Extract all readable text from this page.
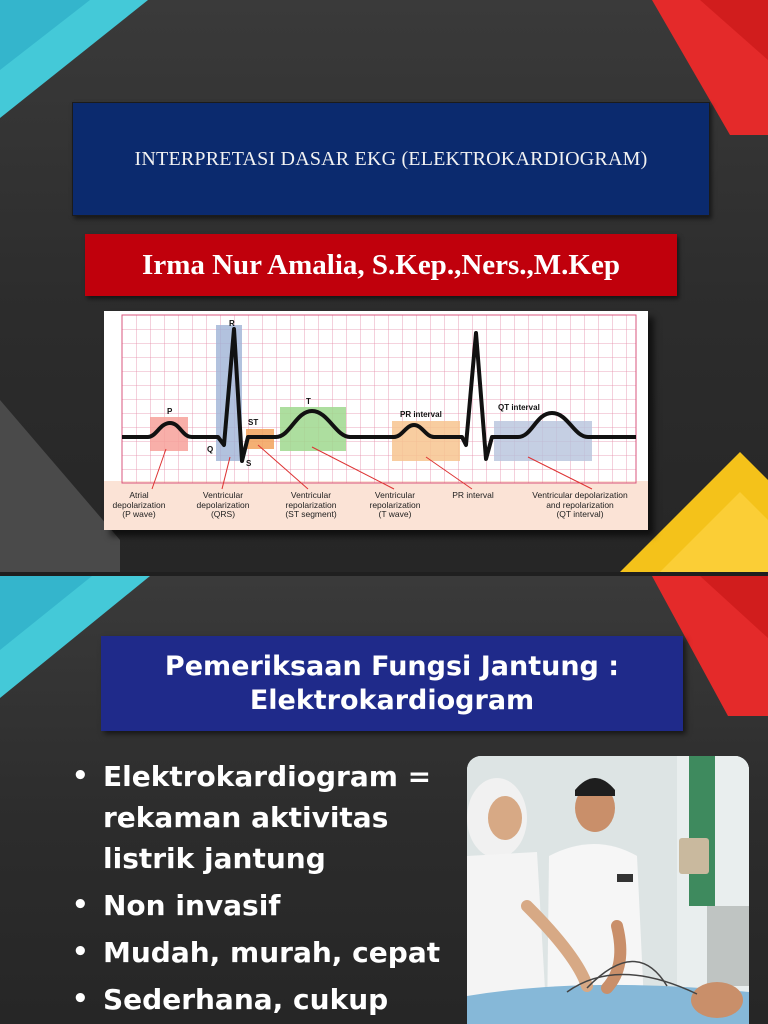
INTERPRETASI DASAR EKG (ELEKTROKARDIOGRAM)
Irma Nur Amalia, S.Kep.,Ners.,M.Kep
P
R
Q
S
ST
T
PR interval
QT interval
Atrial
depolarization
(P wave)
Ventricular
depolarization
(QRS)
Ventricular
repolarization
(ST segment)
Ventricular
repolarization
(T wave)
PR interval	Ventricular depolarization
and repolarization
(QT interval)
Pemeriksaan Fungsi Jantung :
Elektrokardiogram
• Elektrokardiogram = rekaman aktivitas listrik jantung
• Non invasif
• Mudah, murah, cepat
• Sederhana, cukup
